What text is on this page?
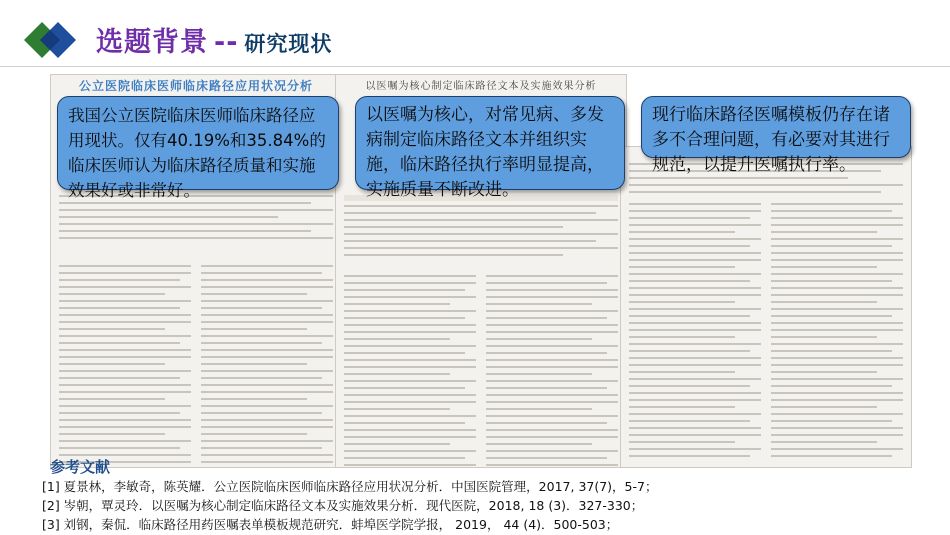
选题背景 -- 研究现状
公立医院临床医师临床路径应用状况分析	以医嘱为核心制定临床路径文本及实施效果分析
我国公立医院临床医师临床路径应用现状。仅有40.19%和35.84%的临床医师认为临床路径质量和实施效果好或非常好。
以医嘱为核心，对常见病、多发病制定临床路径文本并组织实施，临床路径执行率明显提高，实施质量不断改进。
现行临床路径医嘱模板仍存在诸多不合理问题，有必要对其进行规范，以提升医嘱执行率。
参考文献
[1] 夏景林，李敏奇，陈英耀．公立医院临床医师临床路径应用状况分析．中国医院管理，2017, 37(7)，5-7；
[2] 岑朝，覃灵玲．以医嘱为核心制定临床路径文本及实施效果分析．现代医院，2018, 18 (3)．327-330；
[3] 刘钢，秦侃．临床路径用药医嘱表单模板规范研究．蚌埠医学院学报， 2019， 44 (4)．500-503；
